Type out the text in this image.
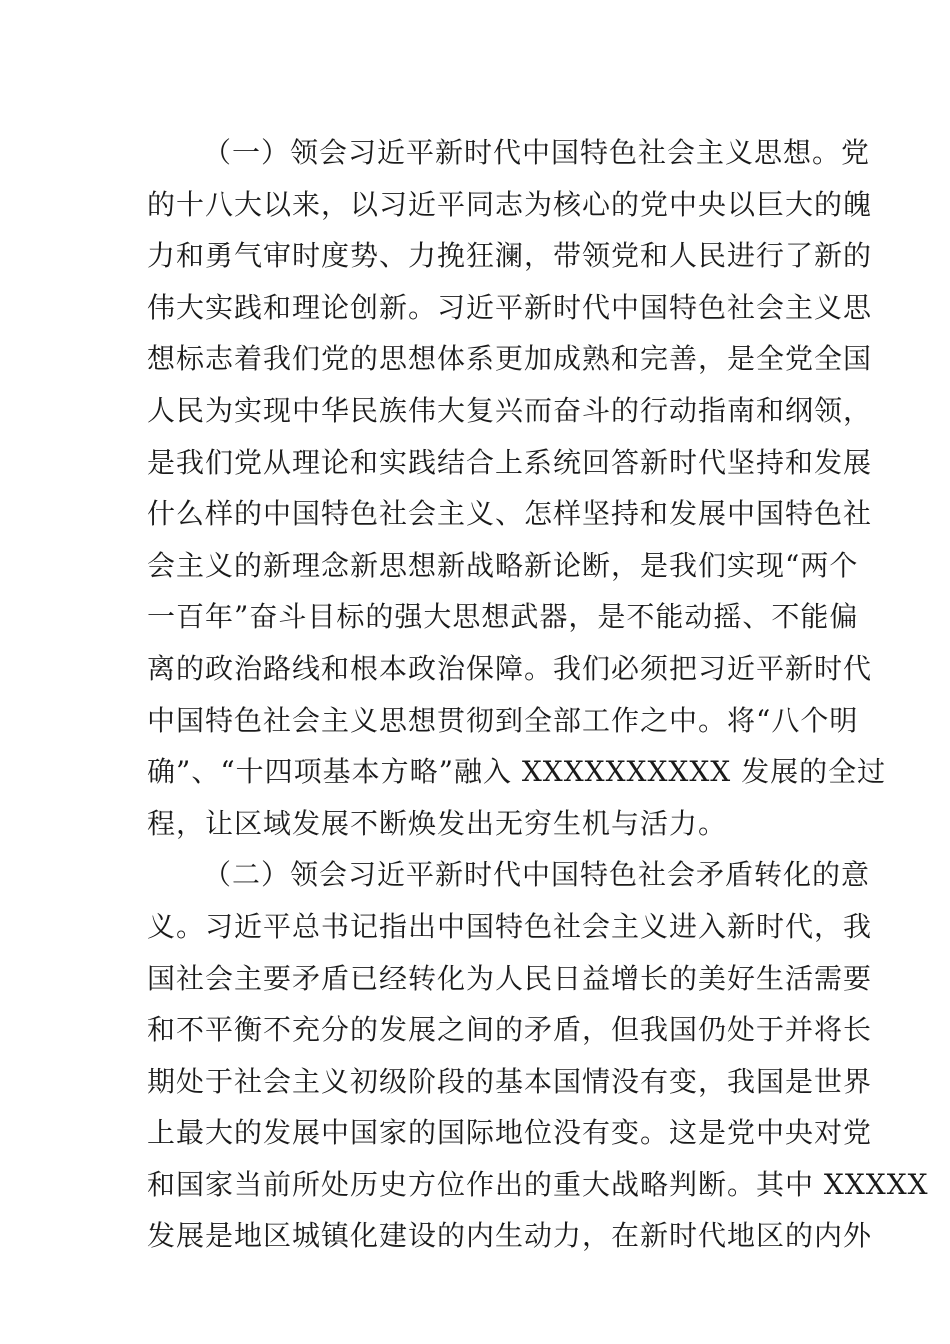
（一）领会习近平新时代中国特色社会主义思想。党
的十八大以来，以习近平同志为核心的党中央以巨大的魄
力和勇气审时度势、力挽狂澜，带领党和人民进行了新的
伟大实践和理论创新。习近平新时代中国特色社会主义思
想标志着我们党的思想体系更加成熟和完善，是全党全国
人民为实现中华民族伟大复兴而奋斗的行动指南和纲领，
是我们党从理论和实践结合上系统回答新时代坚持和发展
什么样的中国特色社会主义、怎样坚持和发展中国特色社
会主义的新理念新思想新战略新论断，是我们实现“两个
一百年”奋斗目标的强大思想武器，是不能动摇、不能偏
离的政治路线和根本政治保障。我们必须把习近平新时代
中国特色社会主义思想贯彻到全部工作之中。将“八个明
确”、“十四项基本方略”融入 XXXXXXXXXX 发展的全过
程，让区域发展不断焕发出无穷生机与活力。
（二）领会习近平新时代中国特色社会矛盾转化的意
义。习近平总书记指出中国特色社会主义进入新时代，我
国社会主要矛盾已经转化为人民日益增长的美好生活需要
和不平衡不充分的发展之间的矛盾，但我国仍处于并将长
期处于社会主义初级阶段的基本国情没有变，我国是世界
上最大的发展中国家的国际地位没有变。这是党中央对党
和国家当前所处历史方位作出的重大战略判断。其中 XXXXX
发展是地区城镇化建设的内生动力，在新时代地区的内外
